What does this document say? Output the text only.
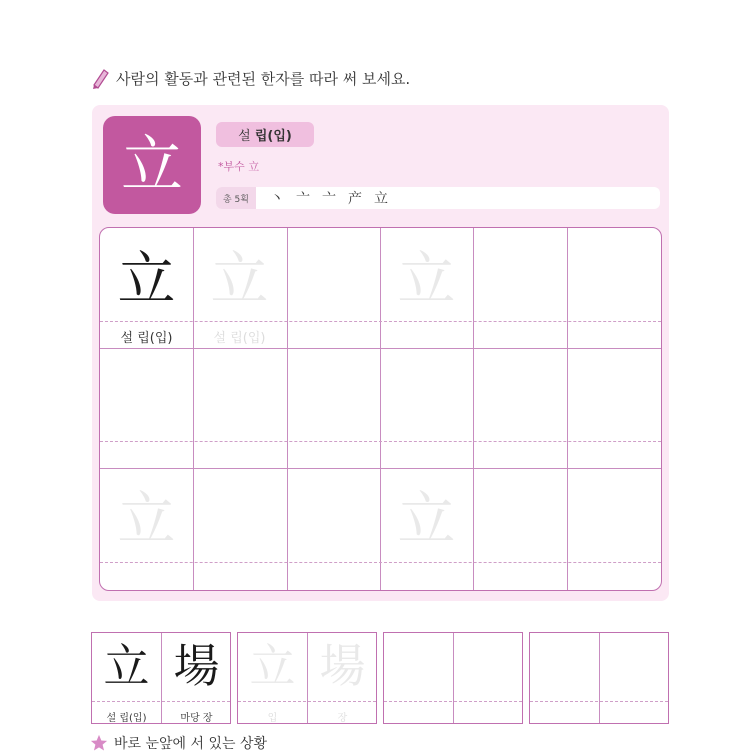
사람의 활동과 관련된 한자를 따라 써 보세요.
立	설
립(입)
*부수 立
총 5획	丶 亠 亠 产 立
立
설 립(입)
立
설 립(입)
立
立	立
立 場
설 립(입)	마당 장
立 場
입	장
바로 눈앞에 서 있는 상황
